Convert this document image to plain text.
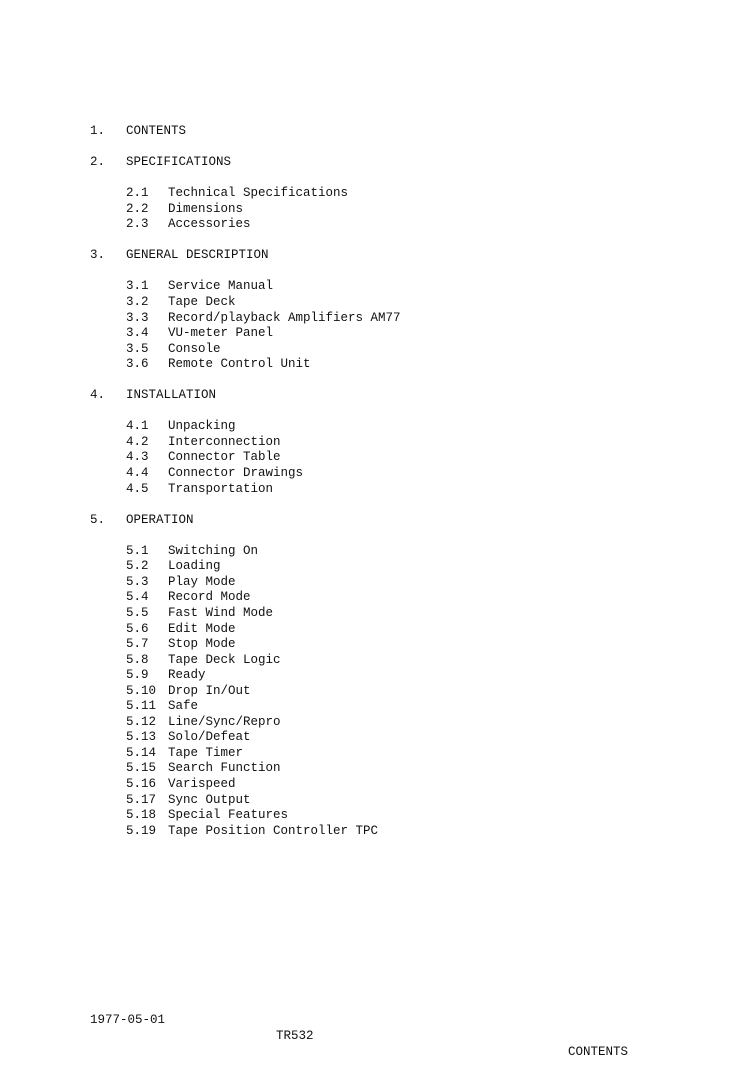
1. CONTENTS
2. SPECIFICATIONS
2.1 Technical Specifications
2.2 Dimensions
2.3 Accessories
3. GENERAL DESCRIPTION
3.1 Service Manual
3.2 Tape Deck
3.3 Record/playback Amplifiers AM77
3.4 VU-meter Panel
3.5 Console
3.6 Remote Control Unit
4. INSTALLATION
4.1 Unpacking
4.2 Interconnection
4.3 Connector Table
4.4 Connector Drawings
4.5 Transportation
5. OPERATION
5.1 Switching On
5.2 Loading
5.3 Play Mode
5.4 Record Mode
5.5 Fast Wind Mode
5.6 Edit Mode
5.7 Stop Mode
5.8 Tape Deck Logic
5.9 Ready
5.10 Drop In/Out
5.11 Safe
5.12 Line/Sync/Repro
5.13 Solo/Defeat
5.14 Tape Timer
5.15 Search Function
5.16 Varispeed
5.17 Sync Output
5.18 Special Features
5.19 Tape Position Controller TPC

1977-05-01

TR532

CONTENTS
